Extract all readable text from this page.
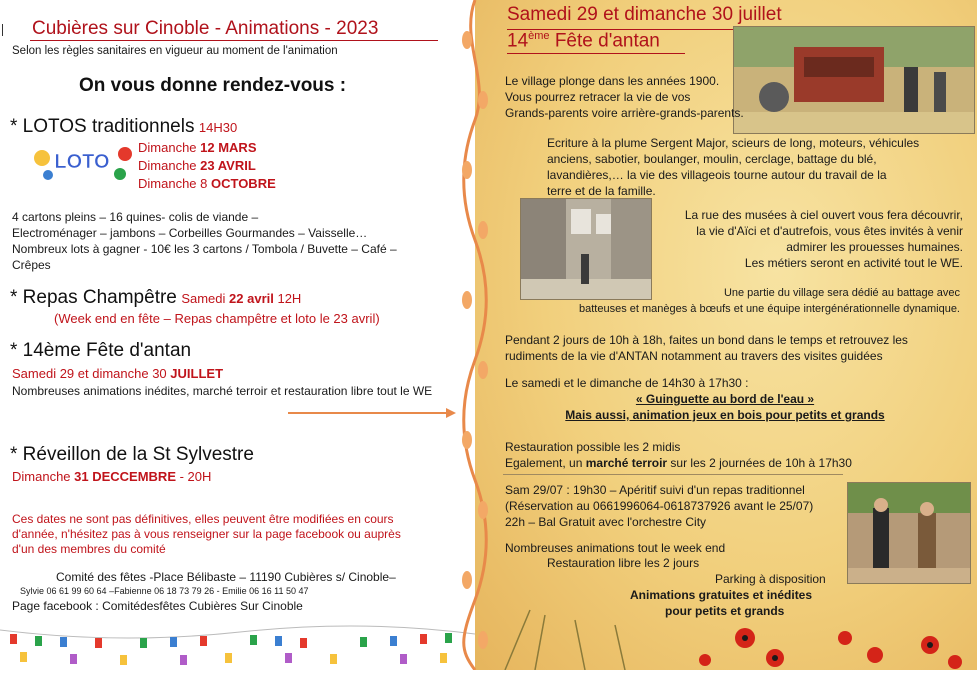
Cubières sur Cinoble - Animations - 2023
Selon les règles sanitaires en vigueur au moment de l'animation
On vous donne rendez-vous :
* LOTOS traditionnels 14H30
LOTO
Dimanche 12 MARS
Dimanche 23 AVRIL
Dimanche 8 OCTOBRE
4 cartons pleins – 16 quines- colis de viande –
Electroménager – jambons – Corbeilles Gourmandes – Vaisselle…
Nombreux lots à gagner - 10€ les 3 cartons / Tombola / Buvette – Café –
Crêpes
* Repas Champêtre Samedi 22 avril 12H
(Week end en fête – Repas champêtre et loto le 23 avril)
* 14ème Fête d'antan
Samedi 29 et dimanche 30 JUILLET
Nombreuses animations inédites, marché terroir et restauration libre tout le WE
* Réveillon de la St Sylvestre
Dimanche 31 DECCEMBRE - 20H
Ces dates ne sont pas définitives, elles peuvent être modifiées en cours
d'année, n'hésitez pas à vous renseigner sur la page facebook ou auprès
d'un des membres du comité
Comité des fêtes -Place Bélibaste – 11190 Cubières s/ Cinoble–
Sylvie 06 61 99 60 64 –Fabienne 06 18 73 79 26 - Emilie 06 16 11 50 47
Page facebook : Comitédesfêtes Cubières Sur Cinoble
Samedi 29 et dimanche 30 juillet
14ème Fête d'antan
Le village plonge dans les années 1900.
Vous pourrez retracer la vie de vos
Grands-parents voire arrière-grands-parents.
Ecriture à la plume Sergent Major, scieurs de long, moteurs, véhicules
anciens, sabotier, boulanger, moulin, cerclage, battage du blé,
lavandières,… la vie des villageois tourne autour du travail de la
terre et de la famille.
La rue des musées à ciel ouvert vous fera découvrir,
la vie d'Aïci et d'autrefois, vous êtes invités à venir
admirer les prouesses humaines.
Les métiers seront en activité tout le WE.
Une partie du village sera dédié au battage avec
batteuses et manèges à bœufs et une équipe intergénérationnelle dynamique.
Pendant 2 jours de 10h à 18h, faites un bond dans le temps et retrouvez les
rudiments de la vie d'ANTAN notamment au travers des visites guidées
Le samedi et le dimanche de 14h30 à 17h30 :
« Guinguette au bord de l'eau »
Mais aussi, animation jeux en bois pour petits et grands
Restauration possible les 2 midis
Egalement, un marché terroir sur les 2 journées de 10h à 17h30
Sam 29/07 : 19h30 – Apéritif suivi d'un repas traditionnel
(Réservation au 0661996064-0618737926 avant le 25/07)
22h – Bal Gratuit avec l'orchestre City
Nombreuses animations tout le week end
Restauration libre les 2 jours
Parking à disposition
Animations gratuites et inédites
pour petits et grands
